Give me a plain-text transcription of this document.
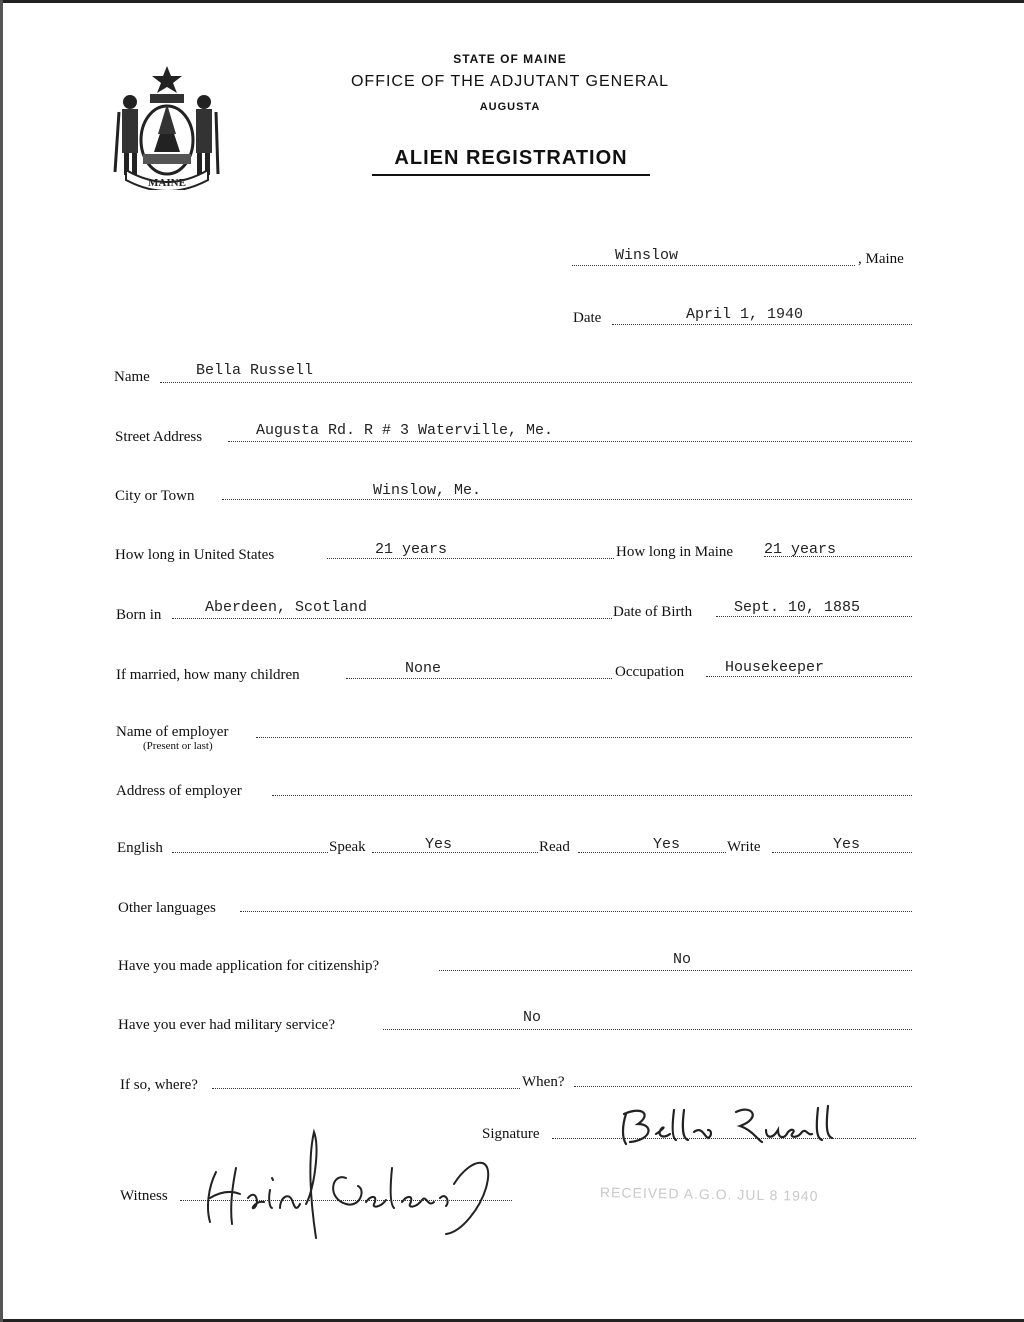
MAINE
STATE OF MAINE
OFFICE OF THE ADJUTANT GENERAL
AUGUSTA
ALIEN REGISTRATION
Winslow	, Maine
Date	April 1, 1940
Name	Bella Russell
Street Address	Augusta Rd. R # 3 Waterville, Me.
City or Town	Winslow, Me.
How long in United States	21 years	How long in Maine 21 years
Born in	Aberdeen, Scotland	Date of Birth	Sept. 10, 1885
If married, how many children	None	Occupation	Housekeeper
Name of employer
(Present or last)
Address of employer
English	Speak	Yes	Read	Yes	Write	Yes
Other languages
Have you made application for citizenship?	No
Have you ever had military service?	No
If so, where?	When?
Signature
Witness	RECEIVED A.G.O. JUL 8 1940
